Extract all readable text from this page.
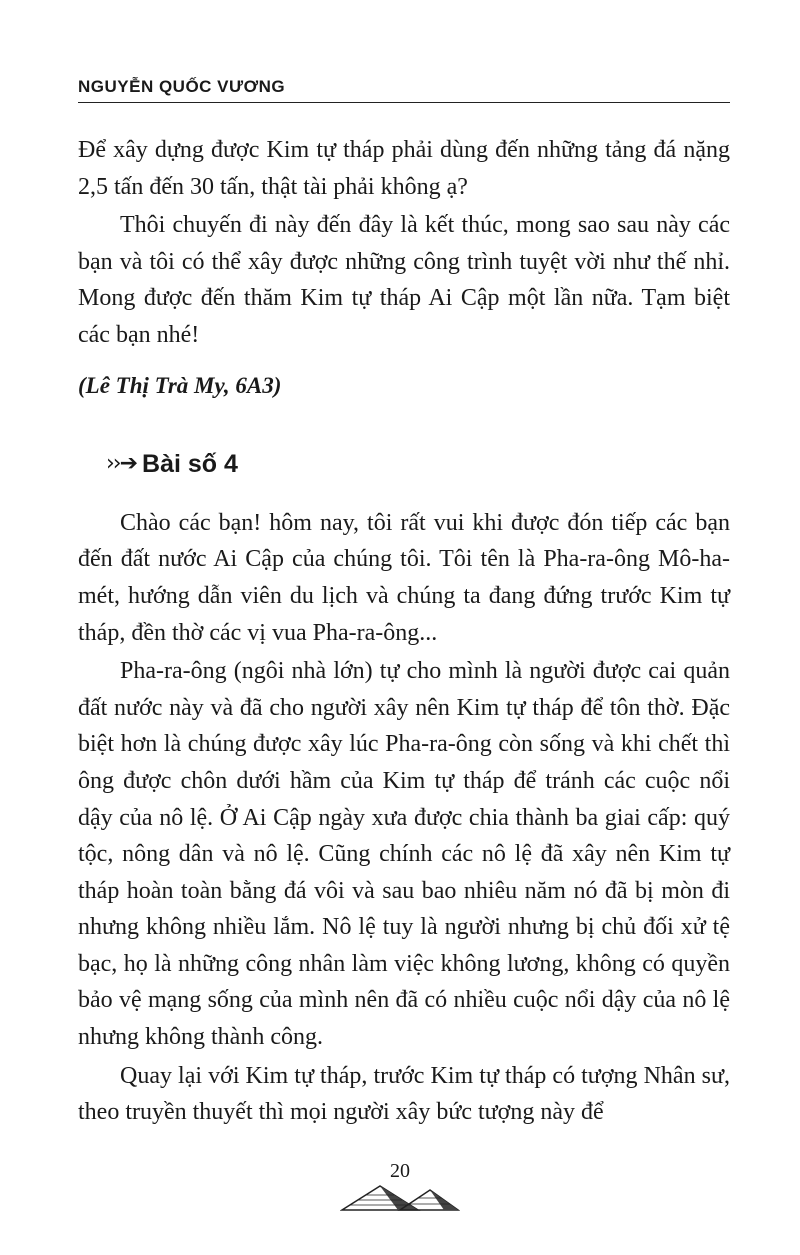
NGUYỄN QUỐC VƯƠNG

Để xây dựng được Kim tự tháp phải dùng đến những tảng đá nặng 2,5 tấn đến 30 tấn, thật tài phải không ạ?

Thôi chuyến đi này đến đây là kết thúc, mong sao sau này các bạn và tôi có thể xây được những công trình tuyệt vời như thế nhỉ. Mong được đến thăm Kim tự tháp Ai Cập một lần nữa. Tạm biệt các bạn nhé!

(Lê Thị Trà My, 6A3)

››➔ Bài số 4

Chào các bạn! hôm nay, tôi rất vui khi được đón tiếp các bạn đến đất nước Ai Cập của chúng tôi. Tôi tên là Pha-ra-ông Mô-ha-mét, hướng dẫn viên du lịch và chúng ta đang đứng trước Kim tự tháp, đền thờ các vị vua Pha-ra-ông...

Pha-ra-ông (ngôi nhà lớn) tự cho mình là người được cai quản đất nước này và đã cho người xây nên Kim tự tháp để tôn thờ. Đặc biệt hơn là chúng được xây lúc Pha-ra-ông còn sống và khi chết thì ông được chôn dưới hầm của Kim tự tháp để tránh các cuộc nổi dậy của nô lệ. Ở Ai Cập ngày xưa được chia thành ba giai cấp: quý tộc, nông dân và nô lệ. Cũng chính các nô lệ đã xây nên Kim tự tháp hoàn toàn bằng đá vôi và sau bao nhiêu năm nó đã bị mòn đi nhưng không nhiều lắm. Nô lệ tuy là người nhưng bị chủ đối xử tệ bạc, họ là những công nhân làm việc không lương, không có quyền bảo vệ mạng sống của mình nên đã có nhiều cuộc nổi dậy của nô lệ nhưng không thành công.

Quay lại với Kim tự tháp, trước Kim tự tháp có tượng Nhân sư, theo truyền thuyết thì mọi người xây bức tượng này để

20
